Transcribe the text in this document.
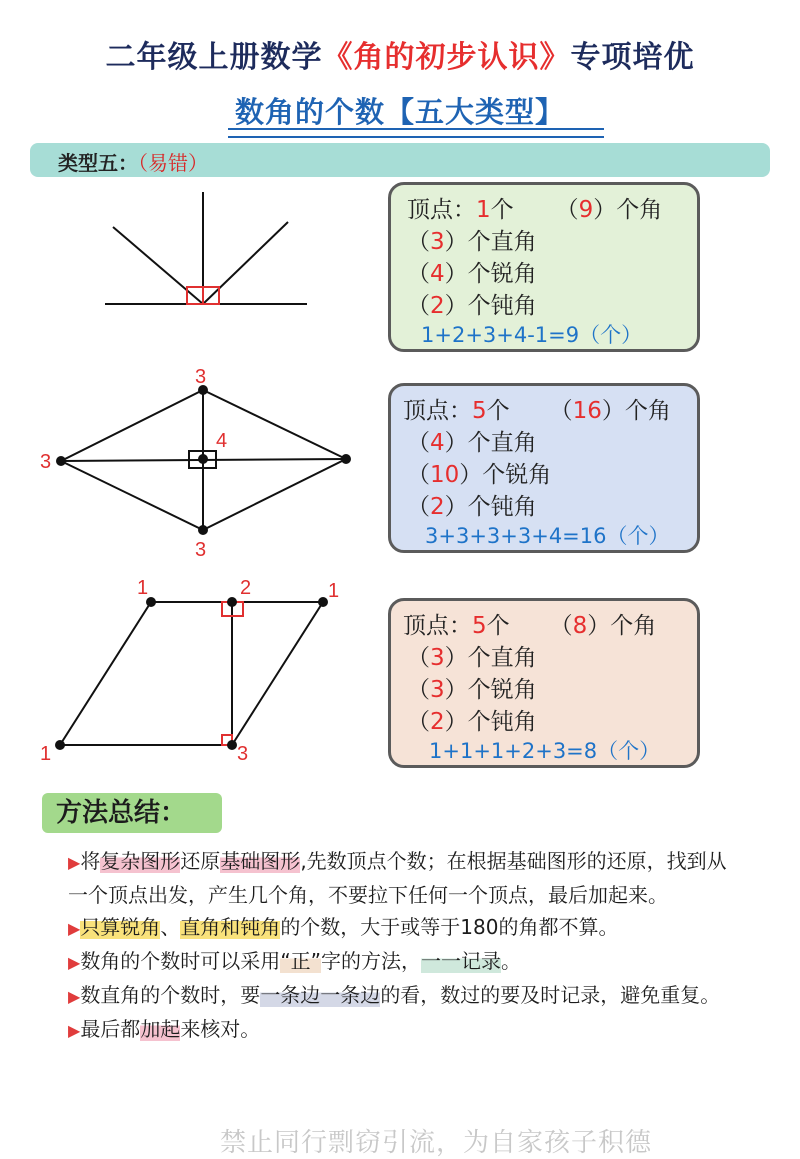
二年级上册数学《角的初步认识》专项培优
数角的个数【五大类型】
类型五：（易错）
3
3
4
3
1	2	1
1	3
顶点：1个 （9）个角
（3）个直角
（4）个锐角
（2）个钝角
1+2+3+4-1=9（个）
顶点：5个 （16）个角
（4）个直角
（10）个锐角
（2）个钝角
3+3+3+3+4=16（个）
顶点：5个 （8）个角
（3）个直角
（3）个锐角
（2）个钝角
1+1+1+2+3=8（个）
方法总结：

▶将复杂图形还原基础图形,先数顶点个数；在根据基础图形的还原，找到从一个顶点出发，产生几个角，不要拉下任何一个顶点，最后加起来。

▶只算锐角、直角和钝角的个数，大于或等于180的角都不算。

▶数角的个数时可以采用“正”字的方法，一一记录。

▶数直角的个数时，要一条边一条边的看，数过的要及时记录，避免重复。

▶最后都加起来核对。

禁止同行剽窃引流，为自家孩子积德
